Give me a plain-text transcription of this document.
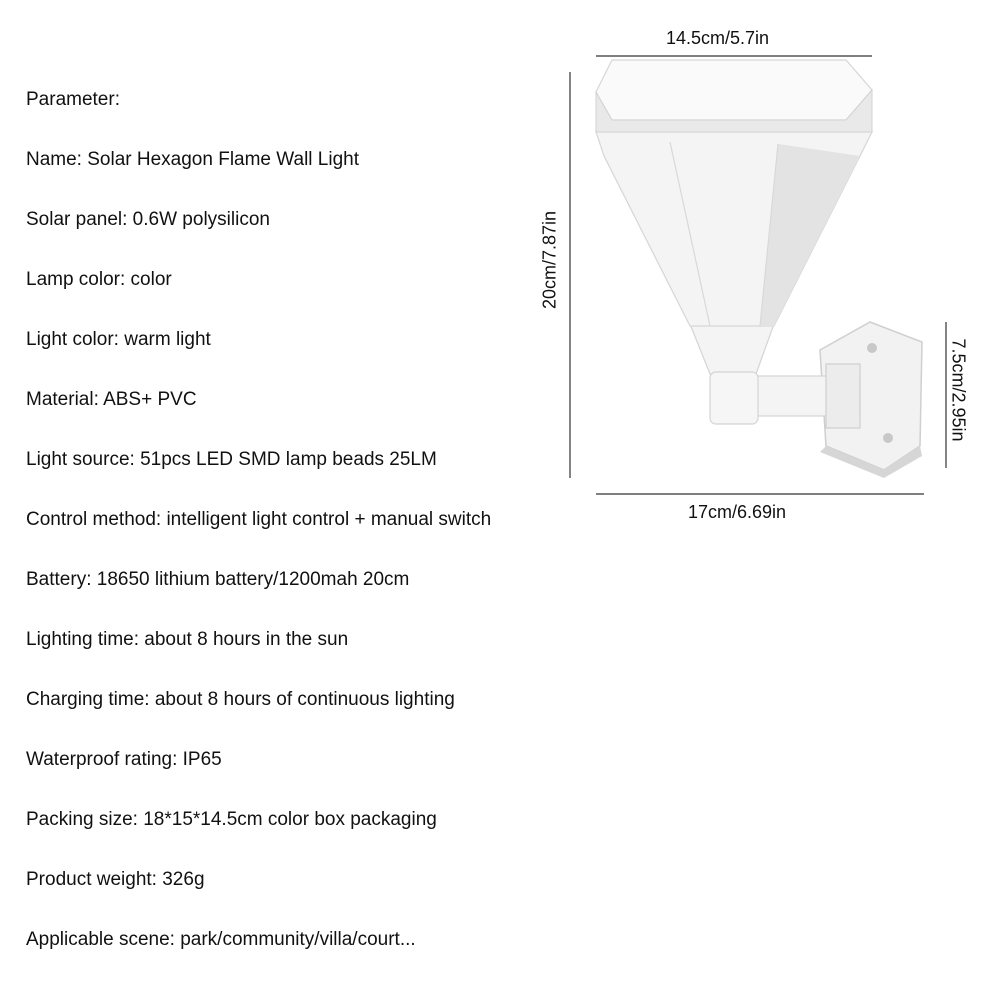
Parameter:
Name: Solar Hexagon Flame Wall Light
Solar panel: 0.6W polysilicon
Lamp color: color
Light color: warm light
Material: ABS+ PVC
Light source: 51pcs LED SMD lamp beads 25LM
Control method: intelligent light control + manual switch
Battery: 18650 lithium battery/1200mah 20cm
Lighting time: about 8 hours in the sun
Charging time: about 8 hours of continuous lighting
Waterproof rating: IP65
Packing size: 18*15*14.5cm color box packaging
Product weight: 326g
Applicable scene: park/community/villa/court...
14.5cm/5.7in
20cm/7.87in
17cm/6.69in
7.5cm/2.95in
